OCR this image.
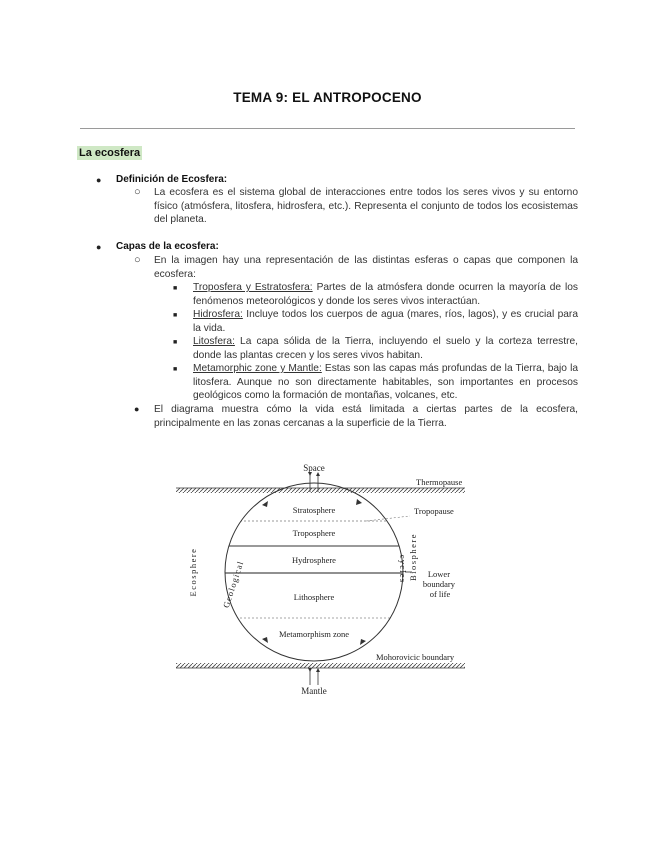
TEMA 9: EL ANTROPOCENO
La ecosfera
● Definición de Ecosfera:
○ La ecosfera es el sistema global de interacciones entre todos los seres vivos y su entorno físico (atmósfera, litosfera, hidrosfera, etc.). Representa el conjunto de todos los ecosistemas del planeta.
● Capas de la ecosfera:
○ En la imagen hay una representación de las distintas esferas o capas que componen la ecosfera:
■ Troposfera y Estratosfera: Partes de la atmósfera donde ocurren la mayoría de los fenómenos meteorológicos y donde los seres vivos interactúan.
■ Hidrosfera: Incluye todos los cuerpos de agua (mares, ríos, lagos), y es crucial para la vida.
■ Litosfera: La capa sólida de la Tierra, incluyendo el suelo y la corteza terrestre, donde las plantas crecen y los seres vivos habitan.
■ Metamorphic zone y Mantle: Estas son las capas más profundas de la Tierra, bajo la litosfera. Aunque no son directamente habitables, son importantes en procesos geológicos como la formación de montañas, volcanes, etc.
● El diagrama muestra cómo la vida está limitada a ciertas partes de la ecosfera, principalmente en las zonas cercanas a la superficie de la Tierra.
Space
Thermopause
Stratosphere
Troposphere
Hydrosphere
Lithosphere
Metamorphism zone
Tropopause
Lower boundary of life
Ecosphere	Geological
Biosphere
cycles
Mohorovicic boundary
Mantle
